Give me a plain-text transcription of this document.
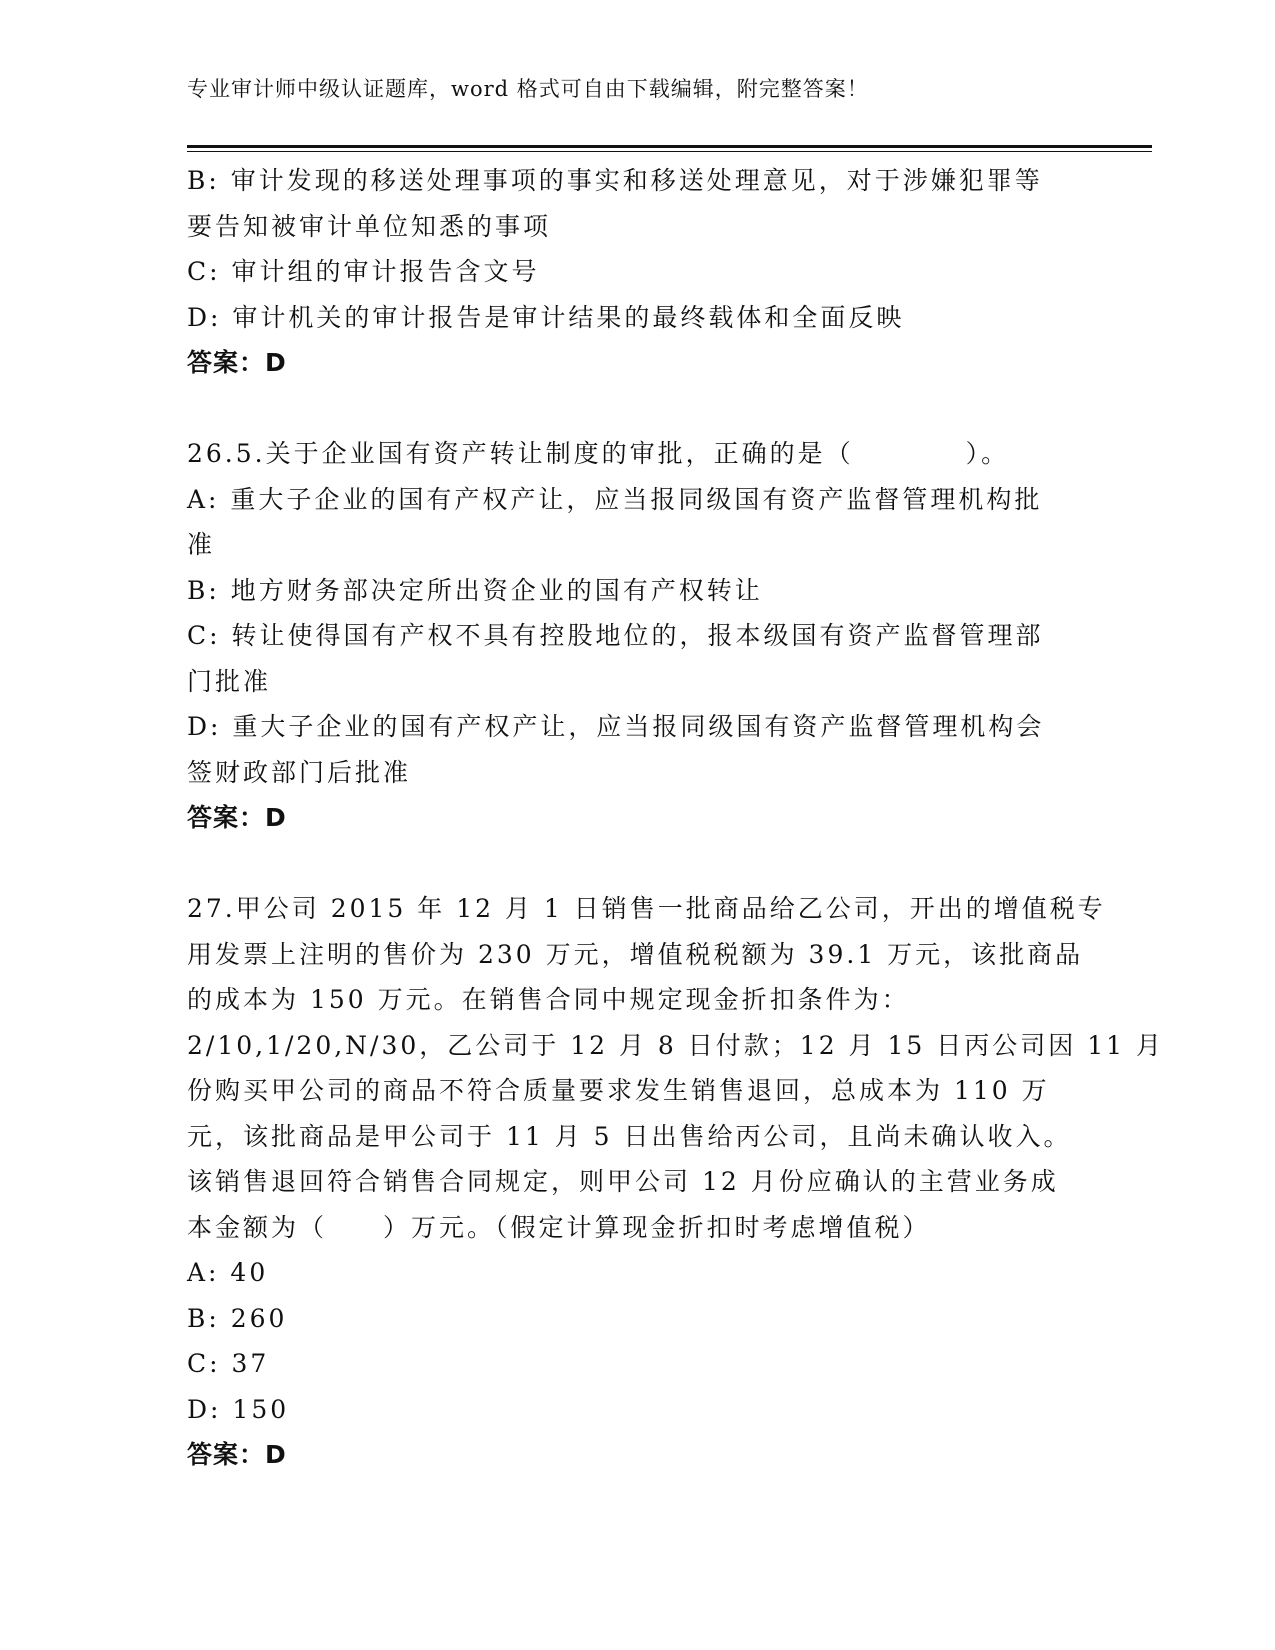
专业审计师中级认证题库，word 格式可自由下载编辑，附完整答案！
B: 审计发现的移送处理事项的事实和移送处理意见，对于涉嫌犯罪等
要告知被审计单位知悉的事项
C: 审计组的审计报告含文号
D: 审计机关的审计报告是审计结果的最终载体和全面反映
答案：D
26.5.关于企业国有资产转让制度的审批，正确的是（　　　　）。
A: 重大子企业的国有产权产让，应当报同级国有资产监督管理机构批
准
B: 地方财务部决定所出资企业的国有产权转让
C: 转让使得国有产权不具有控股地位的，报本级国有资产监督管理部
门批准
D: 重大子企业的国有产权产让，应当报同级国有资产监督管理机构会
签财政部门后批准
答案：D
27.甲公司 2015 年 12 月 1 日销售一批商品给乙公司，开出的增值税专
用发票上注明的售价为 230 万元，增值税税额为 39.1 万元，该批商品
的成本为 150 万元。在销售合同中规定现金折扣条件为：
2/10,1/20,N/30，乙公司于 12 月 8 日付款；12 月 15 日丙公司因 11 月
份购买甲公司的商品不符合质量要求发生销售退回，总成本为 110 万
元，该批商品是甲公司于 11 月 5 日出售给丙公司，且尚未确认收入。
该销售退回符合销售合同规定，则甲公司 12 月份应确认的主营业务成
本金额为（　　）万元。（假定计算现金折扣时考虑增值税）
A: 40
B: 260
C: 37
D: 150
答案：D
